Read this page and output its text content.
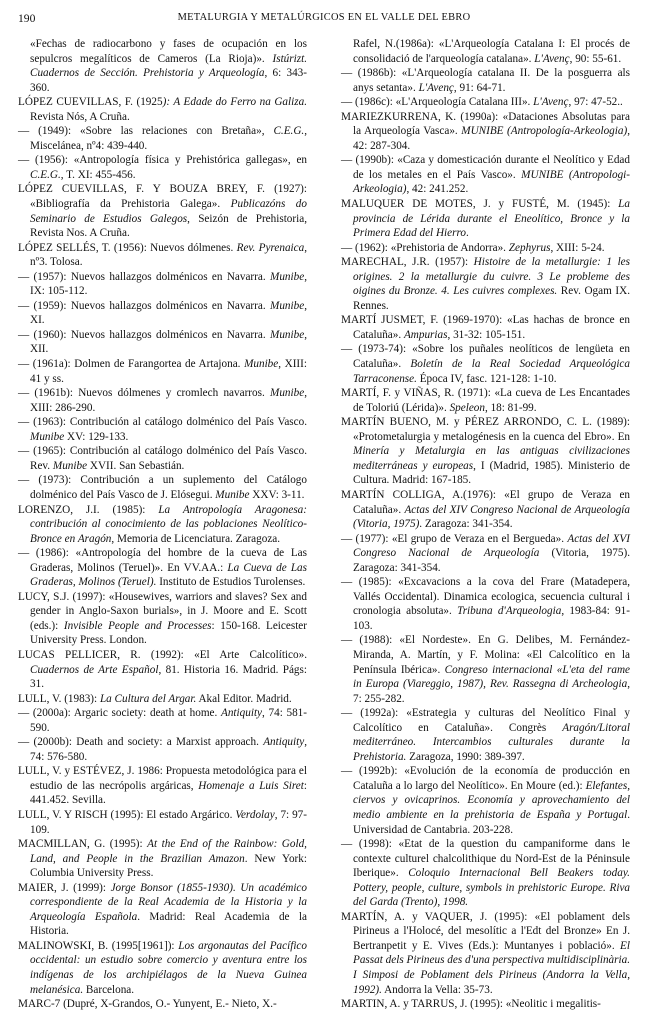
190	METALURGIA Y METALÚRGICOS EN EL VALLE DEL EBRO

«Fechas de radiocarbono y fases de ocupación en los sepulcros megalíticos de Cameros (La Rioja)». Istúrizt. Cuadernos de Sección. Prehistoria y Arqueología, 6: 343-360.

LÓPEZ CUEVILLAS, F. (1925): A Edade do Ferro na Galiza. Revista Nós, A Cruña.

— (1949): «Sobre las relaciones con Bretaña», C.E.G., Miscelánea, nº4: 439-440.

— (1956): «Antropología física y Prehistórica gallegas», en C.E.G., T. XI: 455-456.

LÓPEZ CUEVILLAS, F. Y BOUZA BREY, F. (1927): «Bibliografía da Prehistoria Galega». Publicazóns do Seminario de Estudios Galegos, Seizón de Prehistoria, Revista Nos. A Cruña.

LÓPEZ SELLÉS, T. (1956): Nuevos dólmenes. Rev. Pyrenaica, nº3. Tolosa.

— (1957): Nuevos hallazgos dolménicos en Navarra. Munibe, IX: 105-112.

— (1959): Nuevos hallazgos dolménicos en Navarra. Munibe, XI.

— (1960): Nuevos hallazgos dolménicos en Navarra. Munibe, XII.

— (1961a): Dolmen de Farangortea de Artajona. Munibe, XIII: 41 y ss.

— (1961b): Nuevos dólmenes y cromlech navarros. Munibe, XIII: 286-290.

— (1963): Contribución al catálogo dolménico del País Vasco. Munibe XV: 129-133.

— (1965): Contribución al catálogo dolménico del País Vasco. Rev. Munibe XVII. San Sebastián.

— (1973): Contribución a un suplemento del Catálogo dolménico del País Vasco de J. Elósegui. Munibe XXV: 3-11.

LORENZO, J.I. (1985): La Antropología Aragonesa: contribución al conocimiento de las poblaciones Neolítico-Bronce en Aragón, Memoria de Licenciatura. Zaragoza.

— (1986): «Antropología del hombre de la cueva de Las Graderas, Molinos (Teruel)». En VV.AA.: La Cueva de Las Graderas, Molinos (Teruel). Instituto de Estudios Turolenses.

LUCY, S.J. (1997): «Housewives, warriors and slaves? Sex and gender in Anglo-Saxon burials», in J. Moore and E. Scott (eds.): Invisible People and Processes: 150-168. Leicester University Press. London.

LUCAS PELLICER, R. (1992): «El Arte Calcolítico». Cuadernos de Arte Español, 81. Historia 16. Madrid. Págs: 31.

LULL, V. (1983): La Cultura del Argar. Akal Editor. Madrid.

— (2000a): Argaric society: death at home. Antiquity, 74: 581-590.

— (2000b): Death and society: a Marxist approach. Antiquity, 74: 576-580.

LULL, V. y ESTÉVEZ, J. 1986: Propuesta metodológica para el estudio de las necrópolis argáricas, Homenaje a Luis Siret: 441.452. Sevilla.

LULL, V. Y RISCH (1995): El estado Argárico. Verdolay, 7: 97-109.

MACMILLAN, G. (1995): At the End of the Rainbow: Gold, Land, and People in the Brazilian Amazon. New York: Columbia University Press.

MAIER, J. (1999): Jorge Bonsor (1855-1930). Un académico correspondiente de la Real Academia de la Historia y la Arqueología Española. Madrid: Real Academia de la Historia.

MALINOWSKI, B. (1995[1961]): Los argonautas del Pacífico occidental: un estudio sobre comercio y aventura entre los indígenas de los archipiélagos de la Nueva Guinea melanésica. Barcelona.

MARC-7 (Dupré, X-Grandos, O.- Yunyent, E.- Nieto, X.-

Rafel, N.(1986a): «L'Arqueología Catalana I: El procés de consolidació de l'arqueología catalana». L'Avenç, 90: 55-61.

— (1986b): «L'Arqueología catalana II. De la posguerra als anys setanta». L'Avenç, 91: 64-71.

— (1986c): «L'Arqueología Catalana III». L'Avenç, 97: 47-52..

MARIEZKURRENA, K. (1990a): «Dataciones Absolutas para la Arqueología Vasca». MUNIBE (Antropología-Arkeologia), 42: 287-304.

— (1990b): «Caza y domesticación durante el Neolítico y Edad de los metales en el País Vasco». MUNIBE (Antropologi-Arkeologia), 42: 241.252.

MALUQUER DE MOTES, J. y FUSTÉ, M. (1945): La provincia de Lérida durante el Eneolítico, Bronce y la Primera Edad del Hierro.

— (1962): «Prehistoria de Andorra». Zephyrus, XIII: 5-24.

MARECHAL, J.R. (1957): Histoire de la metallurgie: 1 les origines. 2 la metallurgie du cuivre. 3 Le probleme des oigines du Bronze. 4. Les cuivres complexes. Rev. Ogam IX. Rennes.

MARTÍ JUSMET, F. (1969-1970): «Las hachas de bronce en Cataluña». Ampurias, 31-32: 105-151.

— (1973-74): «Sobre los puñales neolíticos de lengüeta en Cataluña». Boletín de la Real Sociedad Arqueológica Tarraconense. Época IV, fasc. 121-128: 1-10.

MARTÍ, F. y VIÑAS, R. (1971): «La cueva de Les Encantades de Toloriú (Lérida)». Speleon, 18: 81-99.

MARTÍN BUENO, M. y PÉREZ ARRONDO, C. L. (1989): «Protometalurgia y metalogénesis en la cuenca del Ebro». En Minería y Metalurgia en las antiguas civilizaciones mediterráneas y europeas, I (Madrid, 1985). Ministerio de Cultura. Madrid: 167-185.

MARTÍN COLLIGA, A.(1976): «El grupo de Veraza en Cataluña». Actas del XIV Congreso Nacional de Arqueología (Vitoria, 1975). Zaragoza: 341-354.

— (1977): «El grupo de Veraza en el Bergueda». Actas del XVI Congreso Nacional de Arqueología (Vitoria, 1975). Zaragoza: 341-354.

— (1985): «Excavacions a la cova del Frare (Matadepera, Vallés Occidental). Dinamica ecologica, secuencia cultural i cronologia absoluta». Tribuna d'Arqueologia, 1983-84: 91-103.

— (1988): «El Nordeste». En G. Delibes, M. Fernández-Miranda, A. Martín, y F. Molina: «El Calcolítico en la Península Ibérica». Congreso internacional «L'eta del rame in Europa (Viareggio, 1987), Rev. Rassegna di Archeologia, 7: 255-282.

— (1992a): «Estrategia y culturas del Neolítico Final y Calcolítico en Cataluña». Congrès Aragón/Litoral mediterráneo. Intercambios culturales durante la Prehistoria. Zaragoza, 1990: 389-397.

— (1992b): «Evolución de la economía de producción en Cataluña a lo largo del Neolítico». En Moure (ed.): Elefantes, ciervos y ovicaprinos. Economía y aprovechamiento del medio ambiente en la prehistoria de España y Portugal. Universidad de Cantabria. 203-228.

— (1998): «Etat de la question du campaniforme dans le contexte culturel chalcolithique du Nord-Est de la Péninsule Iberique». Coloquio Internacional Bell Beakers today. Pottery, people, culture, symbols in prehistoric Europe. Riva del Garda (Trento), 1998.

MARTÍN, A. y VAQUER, J. (1995): «El poblament dels Pirineus a l'Holocé, del mesolític a l'Edt del Bronze» En J. Bertranpetit y E. Vives (Eds.): Muntanyes i població». El Passat dels Pirineus des d'una perspectiva multidisciplinària. I Simposi de Poblament dels Pirineus (Andorra la Vella, 1992). Andorra la Vella: 35-73.

MARTIN, A. y TARRUS, J. (1995): «Neolitic i megalitis-
